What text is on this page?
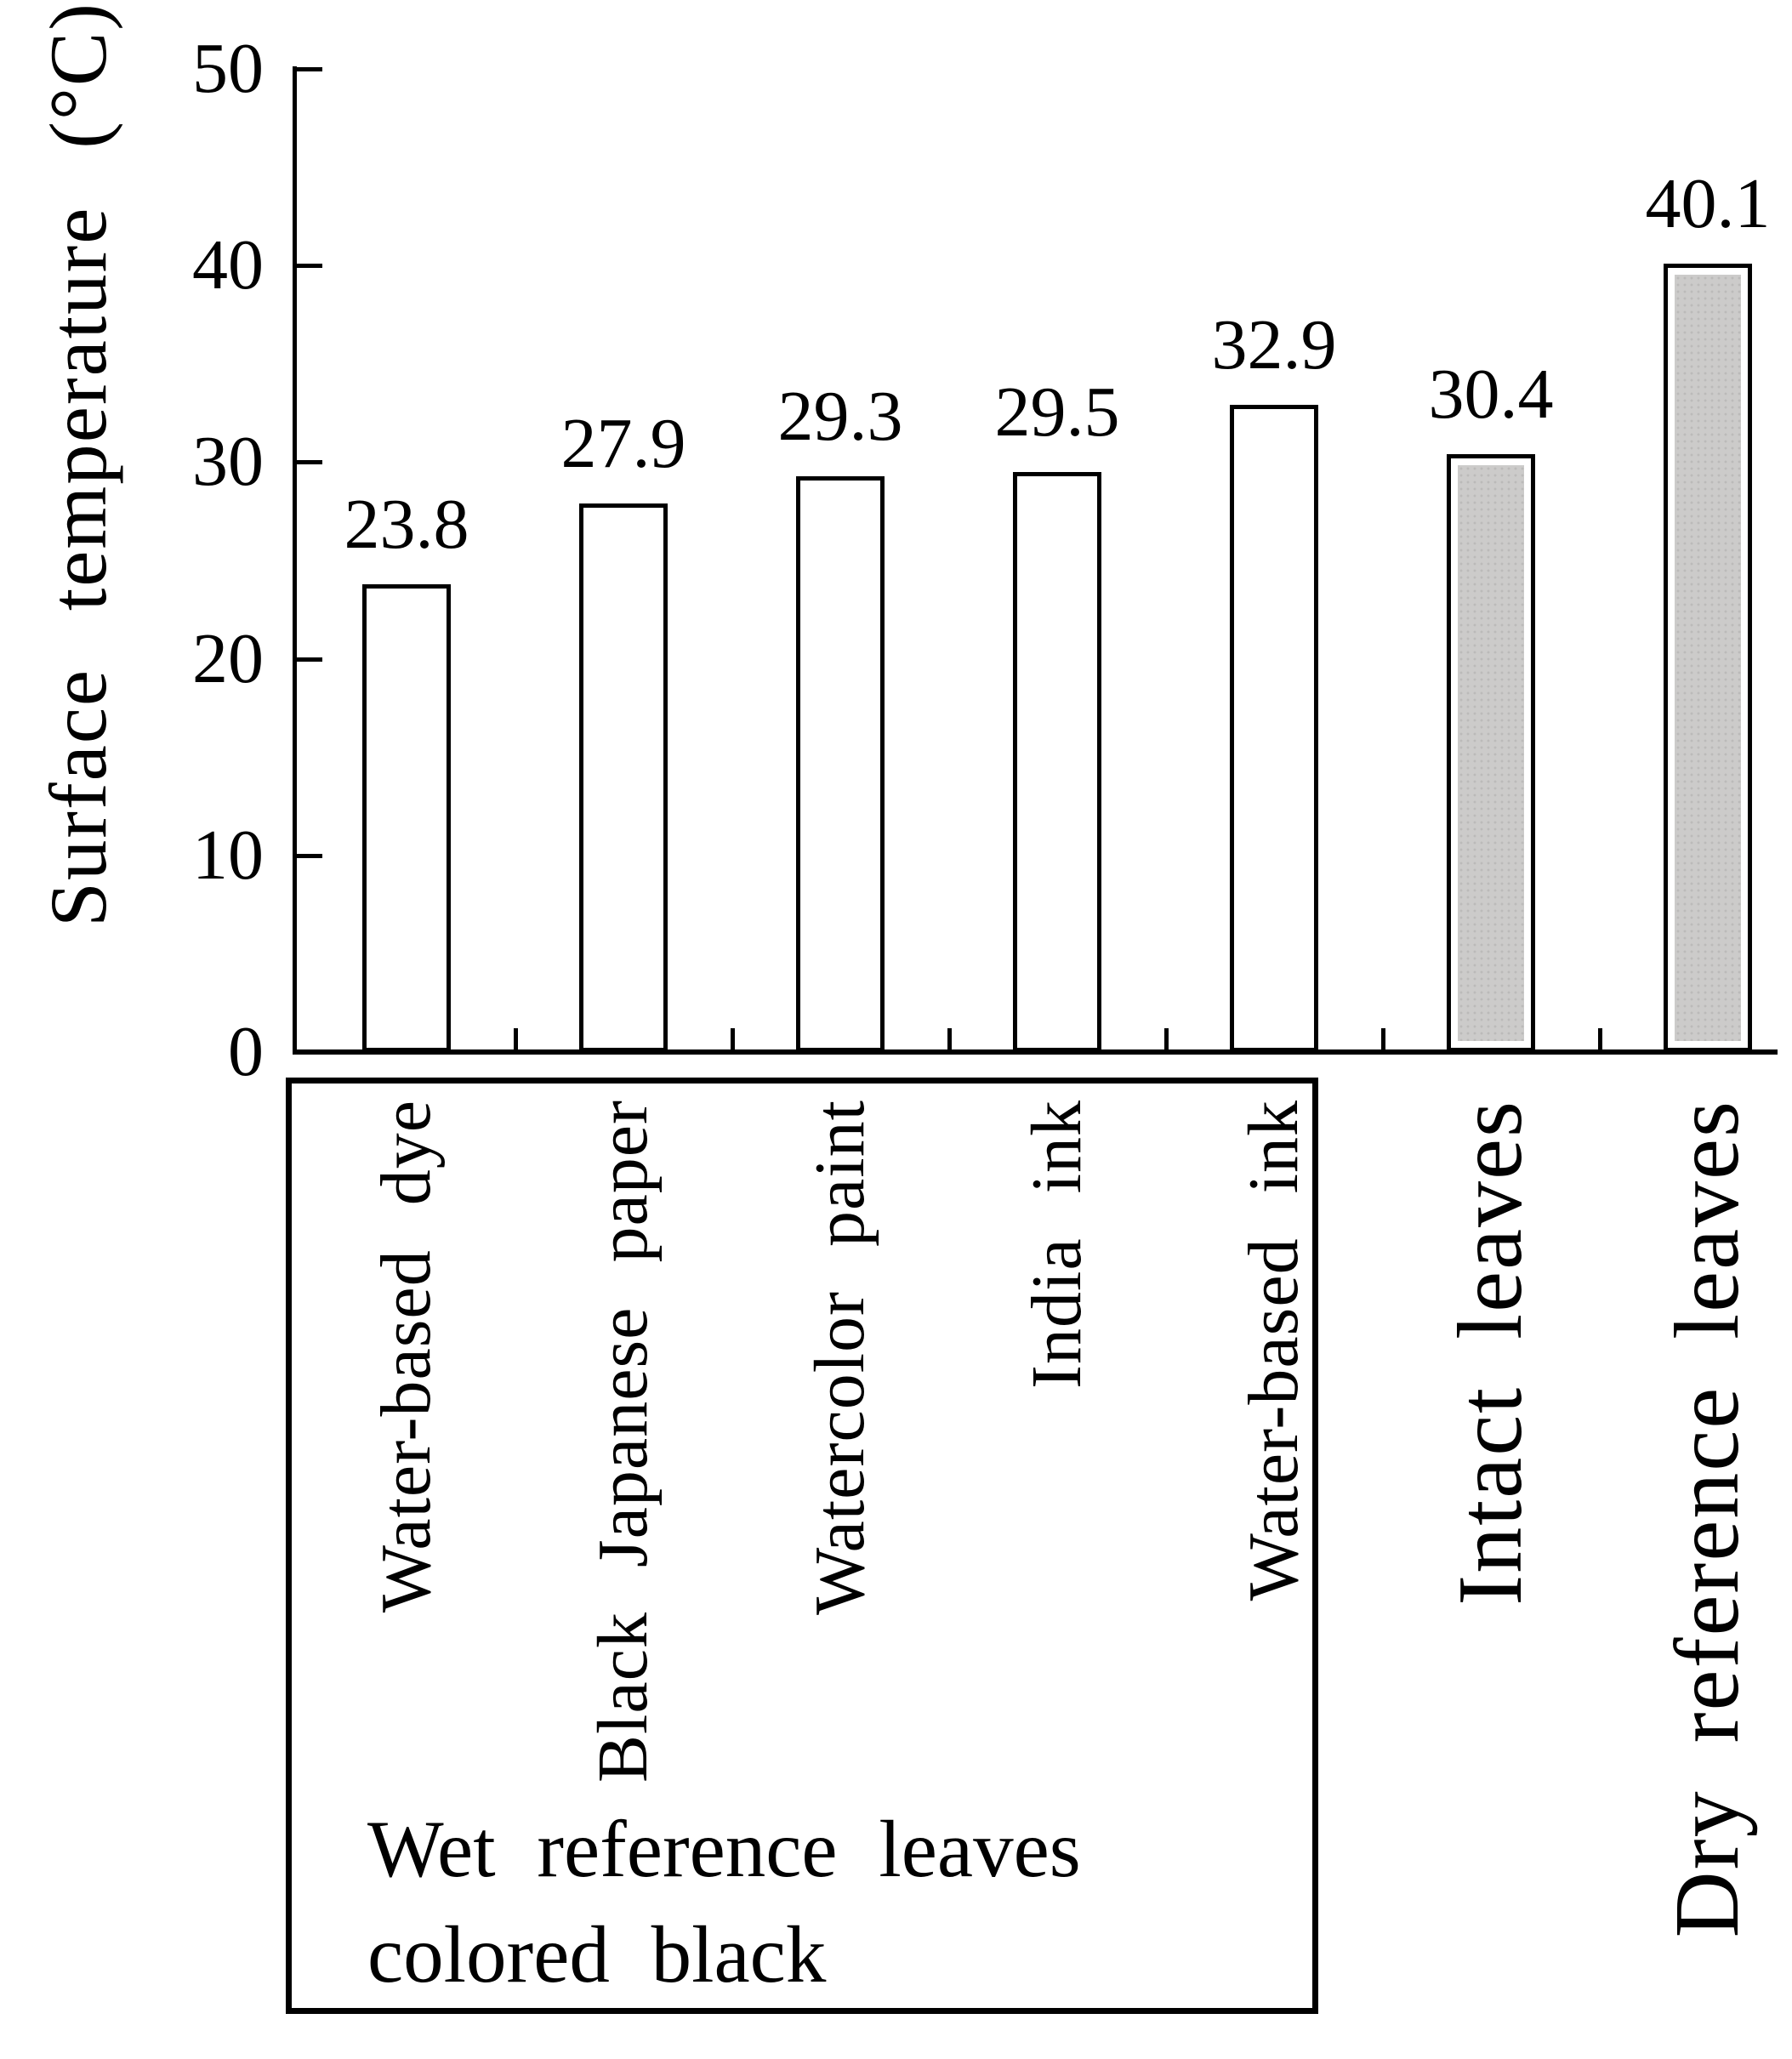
Surface temperature (°C)
0
10
20
30
40
50
23.8
27.9	29.3	29.5
32.9
30.4
40.1
Water-based dye Black Japanese paper Watercolor paint India ink Water-based ink Intact leaves Dry reference leaves
Wet reference leaves
colored black
